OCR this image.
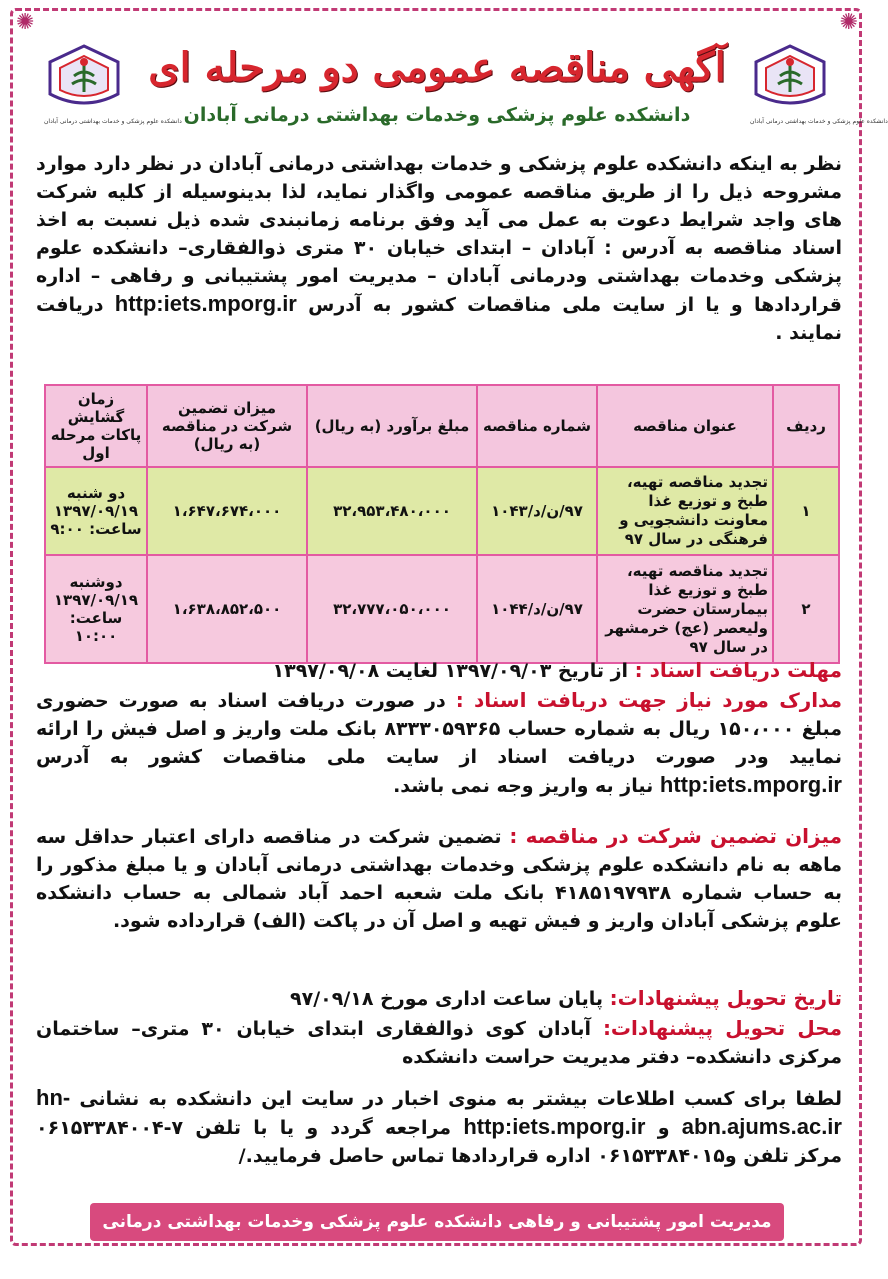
✺	✺
دانشکده علوم پزشکی و خدمات بهداشتی درمانی آبادان	دانشکده علوم پزشکی و خدمات بهداشتی درمانی آبادان
آگهی مناقصه عمومی دو مرحله ای
دانشکده علوم پزشکی وخدمات بهداشتی درمانی آبادان
نظر به اینکه دانشکده علوم پزشکی و خدمات بهداشتی درمانی آبادان در نظر دارد موارد مشروحه ذیل را از طریق مناقصه عمومی واگذار نماید، لذا بدینوسیله از کلیه شرکت های واجد شرایط دعوت به عمل می آید وفق برنامه زمانبندی شده ذیل نسبت به اخذ اسناد مناقصه به آدرس : آبادان – ابتدای خیابان ۳۰ متری ذوالفقاری– دانشکده علوم پزشکی وخدمات بهداشتی ودرمانی آبادان – مدیریت امور پشتیبانی و رفاهی – اداره قراردادها و یا از سایت ملی مناقصات کشور به آدرس http:iets.mporg.ir دریافت نمایند .
ردیف	عنوان مناقصه	شماره مناقصه	مبلغ برآورد (به ریال)	میزان تضمین شرکت در مناقصه (به ریال)	زمان گشایش پاکات مرحله اول
۱	تجدید مناقصه تهیه، طبخ و توزیع غذا معاونت دانشجویی و فرهنگی در سال ۹۷	۹۷/ن/د/۱۰۴۳	۳۲،۹۵۳،۴۸۰،۰۰۰	۱،۶۴۷،۶۷۴،۰۰۰	دو شنبه ۱۳۹۷/۰۹/۱۹ ساعت: ۹:۰۰
۲	تجدید مناقصه تهیه، طبخ و توزیع غذا بیمارستان حضرت ولیعصر (عج) خرمشهر در سال ۹۷	۹۷/ن/د/۱۰۴۴	۳۲،۷۷۷،۰۵۰،۰۰۰	۱،۶۳۸،۸۵۲،۵۰۰	دوشنبه ۱۳۹۷/۰۹/۱۹ ساعت: ۱۰:۰۰
مهلت دریافت اسناد : از تاریخ ۱۳۹۷/۰۹/۰۳ لغایت ۱۳۹۷/۰۹/۰۸
مدارک مورد نیاز جهت دریافت اسناد : در صورت دریافت اسناد به صورت حضوری مبلغ ۱۵۰،۰۰۰ ریال به شماره حساب ۸۳۳۳۰۵۹۳۶۵ بانک ملت واریز و اصل فیش را ارائه نمایید ودر صورت دریافت اسناد از سایت ملی مناقصات کشور به آدرس http:iets.mporg.ir نیاز به واریز وجه نمی باشد.
میزان تضمین شرکت در مناقصه : تضمین شرکت در مناقصه دارای اعتبار حداقل سه ماهه به نام دانشکده علوم پزشکی وخدمات بهداشتی درمانی آبادان و یا مبلغ مذکور را به حساب شماره ۴۱۸۵۱۹۷۹۳۸ بانک ملت شعبه احمد آباد شمالی به حساب دانشکده علوم پزشکی آبادان واریز و فیش تهیه و اصل آن در پاکت (الف) قرارداده شود.
تاریخ تحویل پیشنهادات: پایان ساعت اداری مورخ ۹۷/۰۹/۱۸
محل تحویل پیشنهادات: آبادان کوی ذوالفقاری ابتدای خیابان ۳۰ متری– ساختمان مرکزی دانشکده– دفتر مدیریت حراست دانشکده
لطفا برای کسب اطلاعات بیشتر به منوی اخبار در سایت این دانشکده به نشانی hn-abn.ajums.ac.ir و http:iets.mporg.ir مراجعه گردد و یا با تلفن ۷-۰۶۱۵۳۳۸۴۰۰۴ مرکز تلفن و۰۶۱۵۳۳۸۴۰۱۵ اداره قراردادها تماس حاصل فرمایید./
مدیریت امور پشتیبانی و رفاهی دانشکده علوم پزشکی وخدمات بهداشتی درمانی آبادان
